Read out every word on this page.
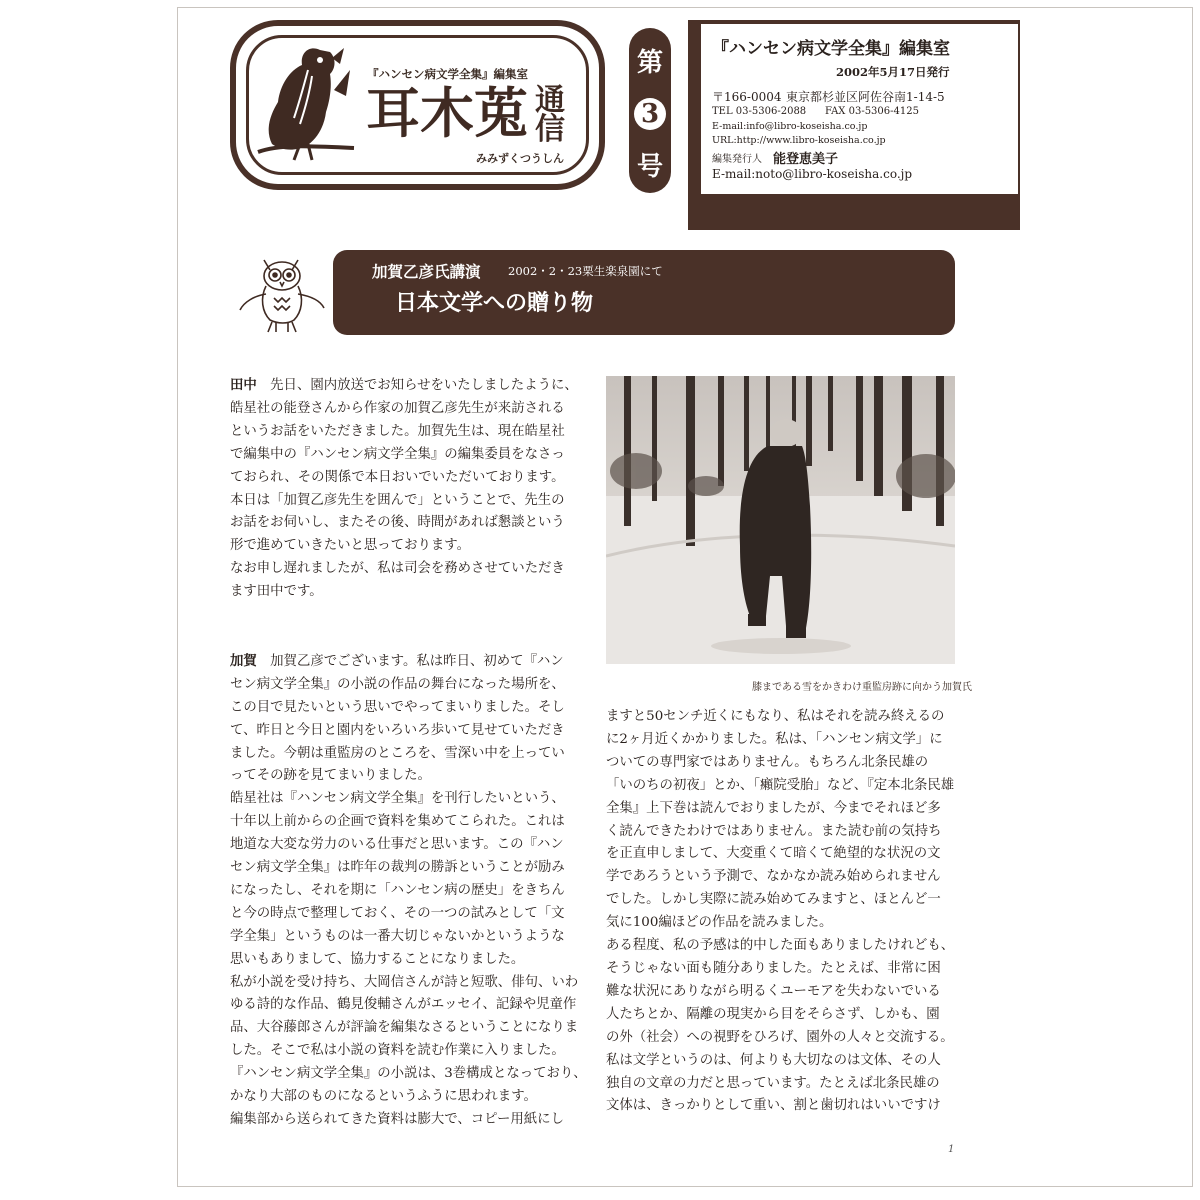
『ハンセン病文学全集』編集室
耳木莵 通信
みみずくつうしん
第
3
号
『ハンセン病文学全集』編集室
2002年5月17日発行
〒166-0004 東京都杉並区阿佐谷南1-14-5
TEL 03-5306-2088 FAX 03-5306-4125
E-mail:info@libro-koseisha.co.jp
URL:http://www.libro-koseisha.co.jp
編集発行人 能登恵美子
E-mail:noto@libro-koseisha.co.jp
加賀乙彦氏講演 2002・2・23栗生楽泉園にて
日本文学への贈り物

田中　先日、園内放送でお知らせをいたしましたように、

皓星社の能登さんから作家の加賀乙彦先生が来訪される

というお話をいただきました。加賀先生は、現在皓星社

で編集中の『ハンセン病文学全集』の編集委員をなさっ

ておられ、その関係で本日おいでいただいております。

本日は「加賀乙彦先生を囲んで」ということで、先生の

お話をお伺いし、またその後、時間があれば懇談という

形で進めていきたいと思っております。

なお申し遅れましたが、私は司会を務めさせていただき

ます田中です。

加賀　加賀乙彦でございます。私は昨日、初めて『ハン

セン病文学全集』の小説の作品の舞台になった場所を、

この目で見たいという思いでやってまいりました。そし

て、昨日と今日と園内をいろいろ歩いて見せていただき

ました。今朝は重監房のところを、雪深い中を上ってい

ってその跡を見てまいりました。

皓星社は『ハンセン病文学全集』を刊行したいという、

十年以上前からの企画で資料を集めてこられた。これは

地道な大変な労力のいる仕事だと思います。この『ハン

セン病文学全集』は昨年の裁判の勝訴ということが励み

になったし、それを期に「ハンセン病の歴史」をきちん

と今の時点で整理しておく、その一つの試みとして「文

学全集」というものは一番大切じゃないかというような

思いもありまして、協力することになりました。

私が小説を受け持ち、大岡信さんが詩と短歌、俳句、いわ

ゆる詩的な作品、鶴見俊輔さんがエッセイ、記録や児童作

品、大谷藤郎さんが評論を編集なさるということになりま

した。そこで私は小説の資料を読む作業に入りました。

『ハンセン病文学全集』の小説は、3巻構成となっており、

かなり大部のものになるというふうに思われます。

編集部から送られてきた資料は膨大で、コピー用紙にし

膝まである雪をかきわけ重監房跡に向かう加賀氏

ますと50センチ近くにもなり、私はそれを読み終えるの

に2ヶ月近くかかりました。私は、「ハンセン病文学」に

ついての専門家ではありません。もちろん北条民雄の

「いのちの初夜」とか、「癩院受胎」など、『定本北条民雄

全集』上下巻は読んでおりましたが、今までそれほど多

く読んできたわけではありません。また読む前の気持ち

を正直申しまして、大変重くて暗くて絶望的な状況の文

学であろうという予測で、なかなか読み始められません

でした。しかし実際に読み始めてみますと、ほとんど一

気に100編ほどの作品を読みました。

ある程度、私の予感は的中した面もありましたけれども、

そうじゃない面も随分ありました。たとえば、非常に困

難な状況にありながら明るくユーモアを失わないでいる

人たちとか、隔離の現実から目をそらさず、しかも、園

の外（社会）への視野をひろげ、園外の人々と交流する。

私は文学というのは、何よりも大切なのは文体、その人

独自の文章の力だと思っています。たとえば北条民雄の

文体は、きっかりとして重い、割と歯切れはいいですけ

1
